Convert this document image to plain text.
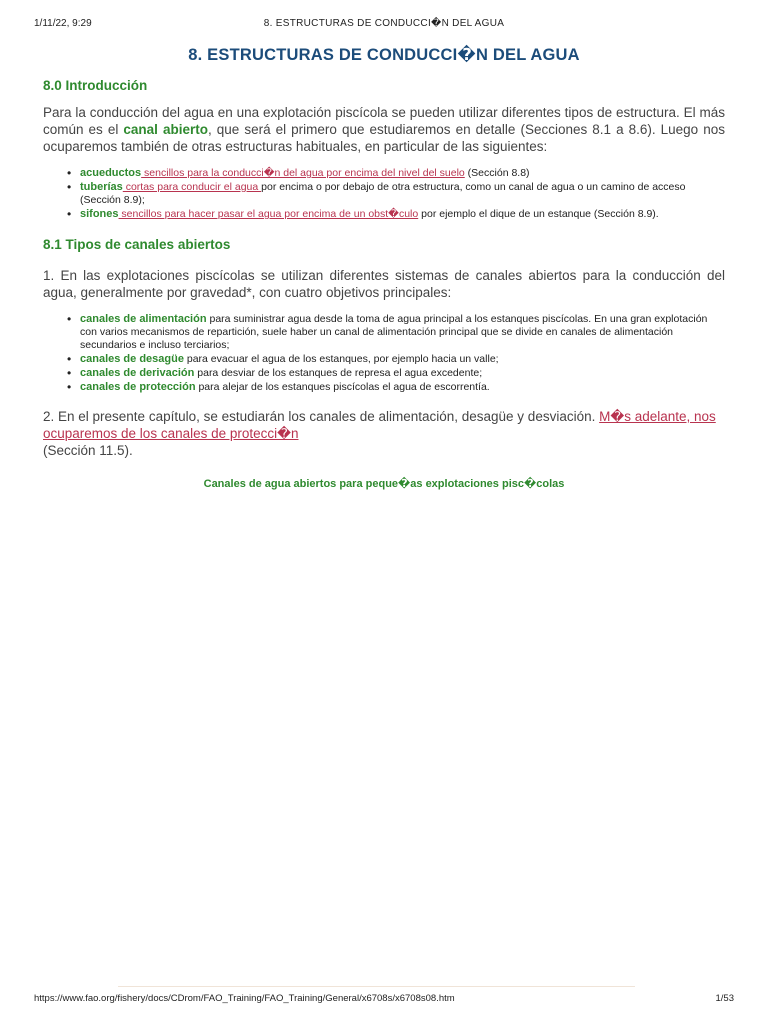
1/11/22, 9:29	8. ESTRUCTURAS DE CONDUCCI�N DEL AGUA
8. ESTRUCTURAS DE CONDUCCI�N DEL AGUA
8.0 Introducción

Para la conducción del agua en una explotación piscícola se pueden utilizar diferentes tipos de estructura. El más común es el canal abierto, que será el primero que estudiaremos en detalle (Secciones 8.1 a 8.6). Luego nos ocuparemos también de otras estructuras habituales, en particular de las siguientes:

• acueductos sencillos para la conducci�n del agua por encima del nivel del suelo (Sección 8.8)
• tuberías cortas para conducir el agua por encima o por debajo de otra estructura, como un canal de agua o un camino de acceso (Sección 8.9);
• sifones sencillos para hacer pasar el agua por encima de un obst�culo por ejemplo el dique de un estanque (Sección 8.9).
8.1 Tipos de canales abiertos

1. En las explotaciones piscícolas se utilizan diferentes sistemas de canales abiertos para la conducción del agua, generalmente por gravedad*, con cuatro objetivos principales:

• canales de alimentación para suministrar agua desde la toma de agua principal a los estanques piscícolas. En una gran explotación con varios mecanismos de repartición, suele haber un canal de alimentación principal que se divide en canales de alimentación secundarios e incluso terciarios;
• canales de desagüe para evacuar el agua de los estanques, por ejemplo hacia un valle;
• canales de derivación para desviar de los estanques de represa el agua excedente;
• canales de protección para alejar de los estanques piscícolas el agua de escorrentía.

2. En el presente capítulo, se estudiarán los canales de alimentación, desagüe y desviación. M�s adelante, nos ocuparemos de los canales de protecci�n
(Sección 11.5).

Canales de agua abiertos para peque�as explotaciones pisc�colas
https://www.fao.org/fishery/docs/CDrom/FAO_Training/FAO_Training/General/x6708s/x6708s08.htm	1/53
